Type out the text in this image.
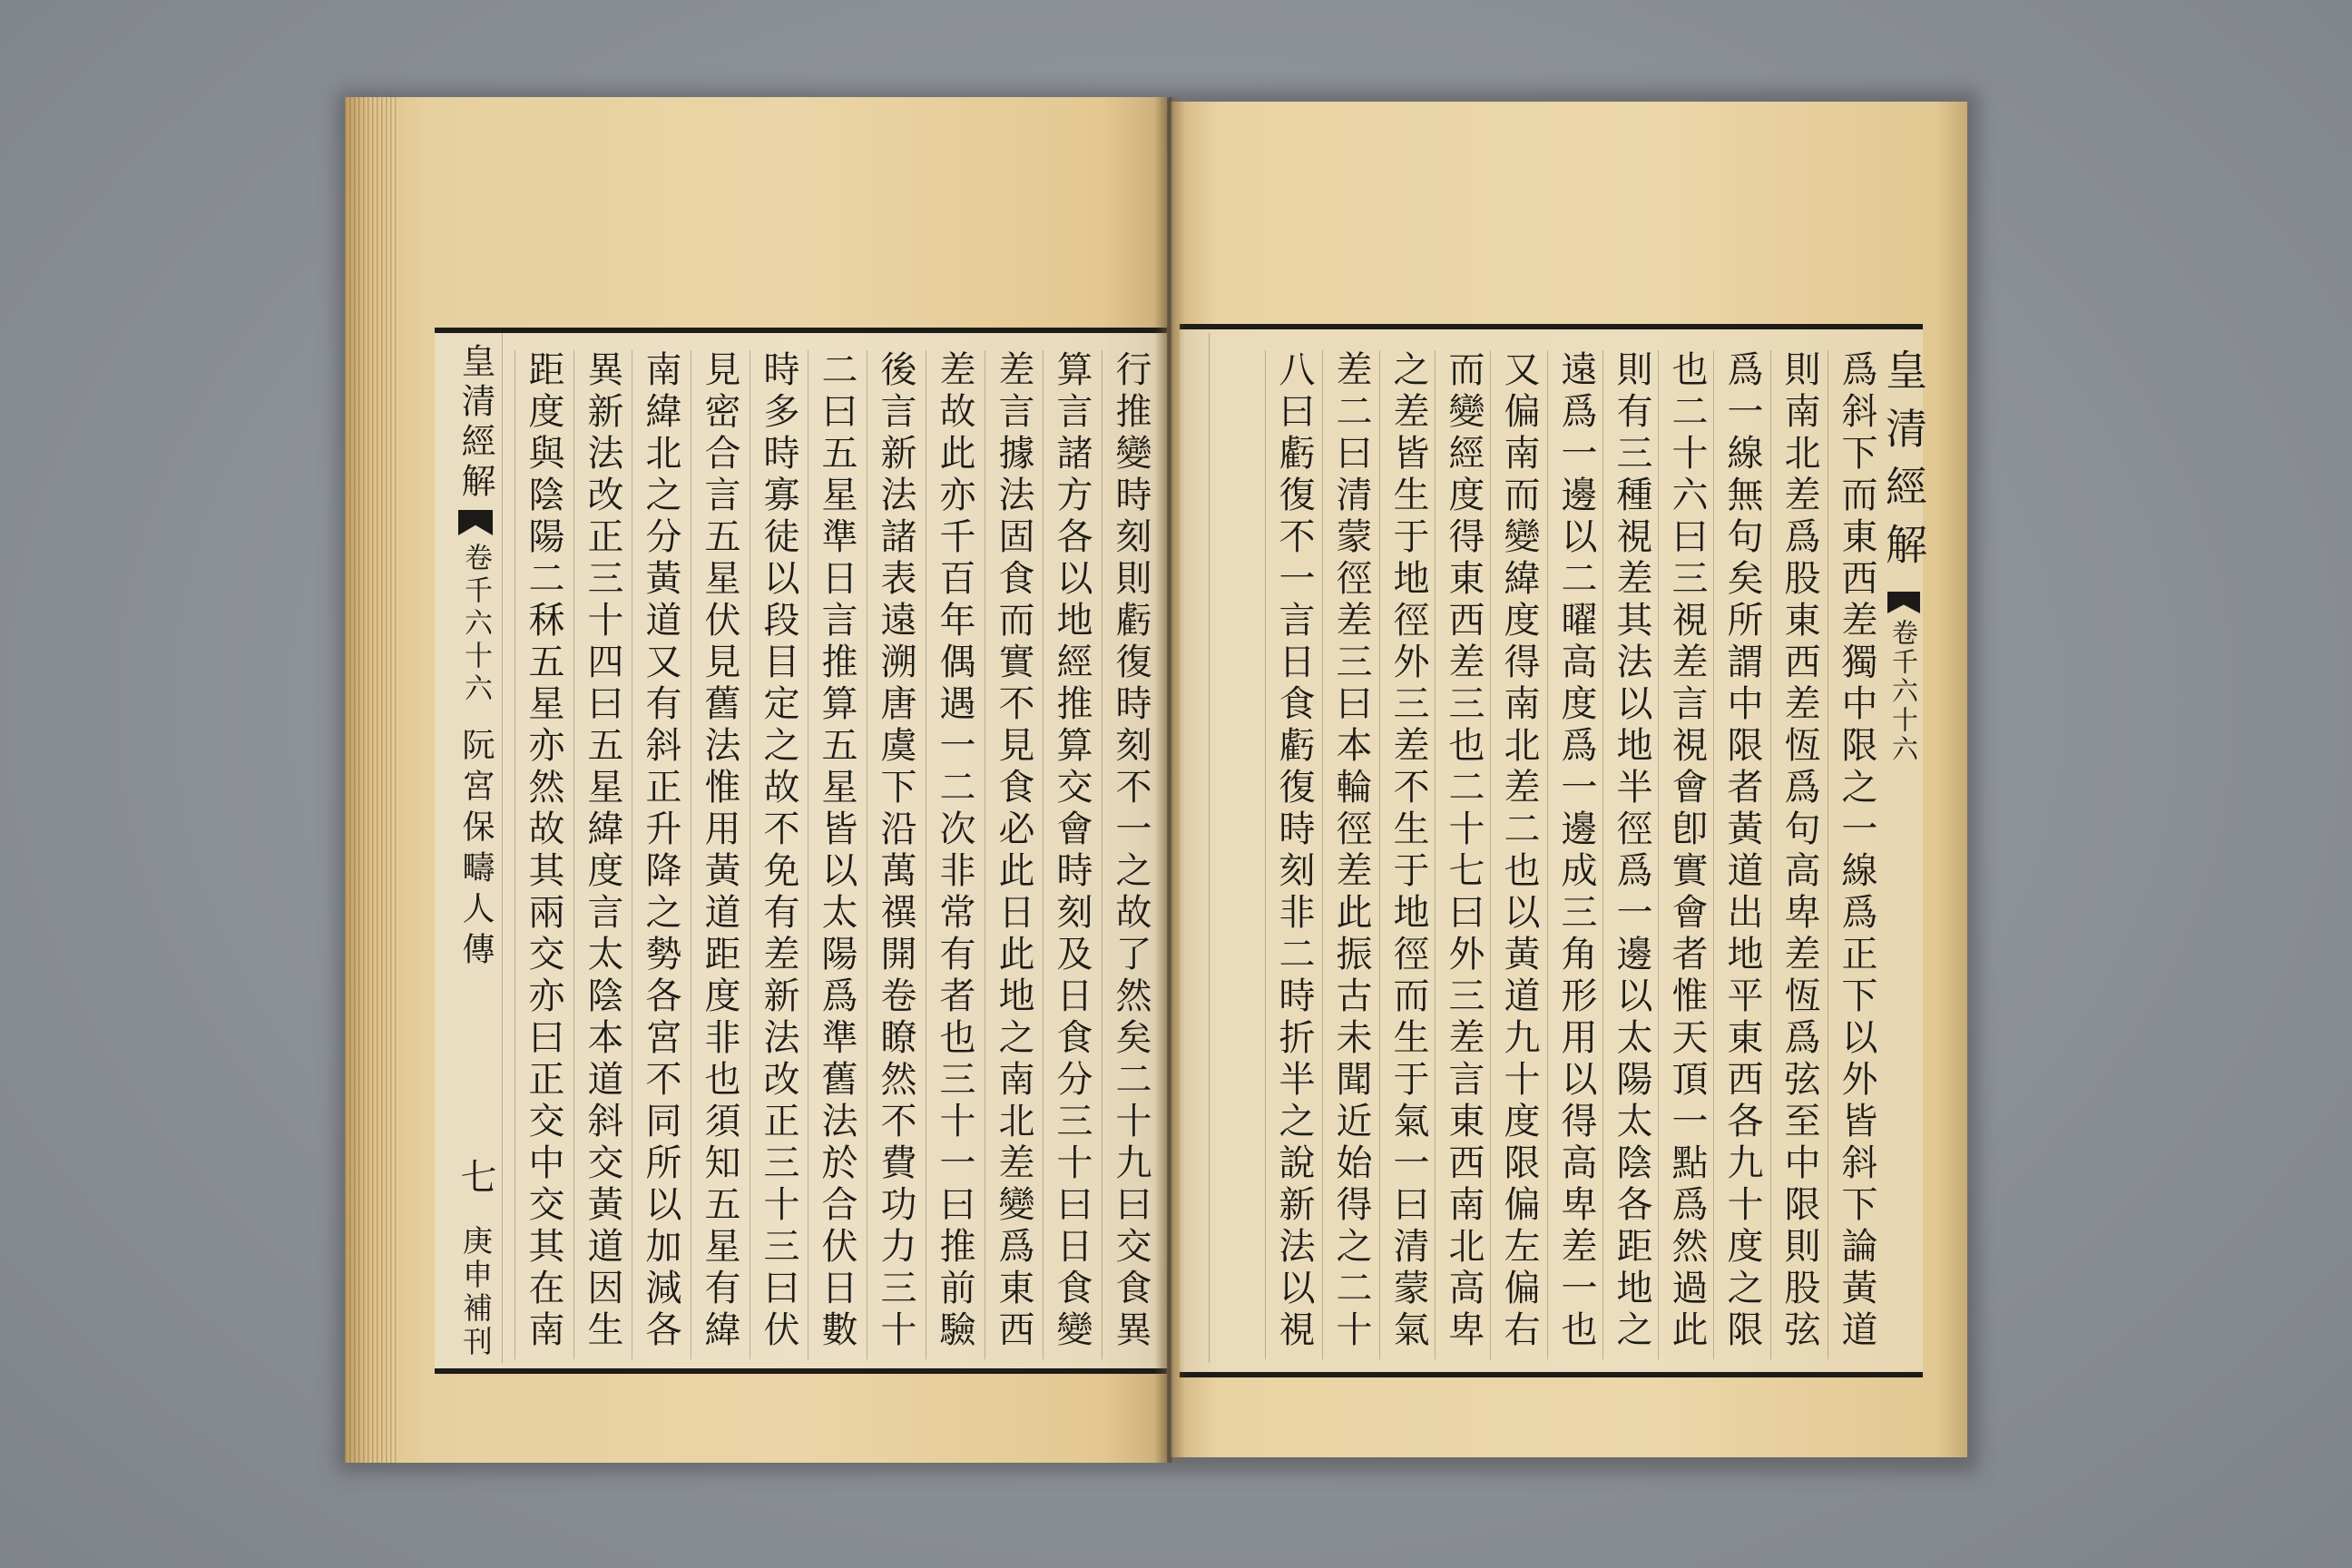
皇清經解
卷千六十六
阮宮保疇人傳
七
庚申補刊	行推變時刻則虧復時刻不一之故了然矣二十九曰交食異
算言諸方各以地經推算交會時刻及日食分三十曰日食變
差言據法固食而實不見食必此日此地之南北差變爲東西
差故此亦千百年偶遇一二次非常有者也三十一曰推前驗
後言新法諸表遠溯唐虞下沿萬禩開卷瞭然不費功力三十
二曰五星準日言推算五星皆以太陽爲準舊法於合伏日數
時多時寡徒以段目定之故不免有差新法改正三十三曰伏
見密合言五星伏見舊法惟用黃道距度非也須知五星有緯
南緯北之分黃道又有斜正升降之勢各宮不同所以加減各
異新法改正三十四曰五星緯度言太陰本道斜交黃道因生
距度與陰陽二秝五星亦然故其兩交亦曰正交中交其在南	皇清經解
卷千六十六
爲斜下而東西差獨中限之一線爲正下以外皆斜下論黃道
則南北差爲股東西差恆爲句高卑差恆爲弦至中限則股弦
爲一線無句矣所謂中限者黃道出地平東西各九十度之限
也二十六曰三視差言視會卽實會者惟天頂一點爲然過此
則有三種視差其法以地半徑爲一邊以太陽太陰各距地之
遠爲一邊以二曜高度爲一邊成三角形用以得高卑差一也
又偏南而變緯度得南北差二也以黃道九十度限偏左偏右
而變經度得東西差三也二十七曰外三差言東西南北高卑
之差皆生于地徑外三差不生于地徑而生于氣一曰清蒙氣
差二曰清蒙徑差三曰本輪徑差此振古未聞近始得之二十
八曰虧復不一言日食虧復時刻非二時折半之說新法以視
